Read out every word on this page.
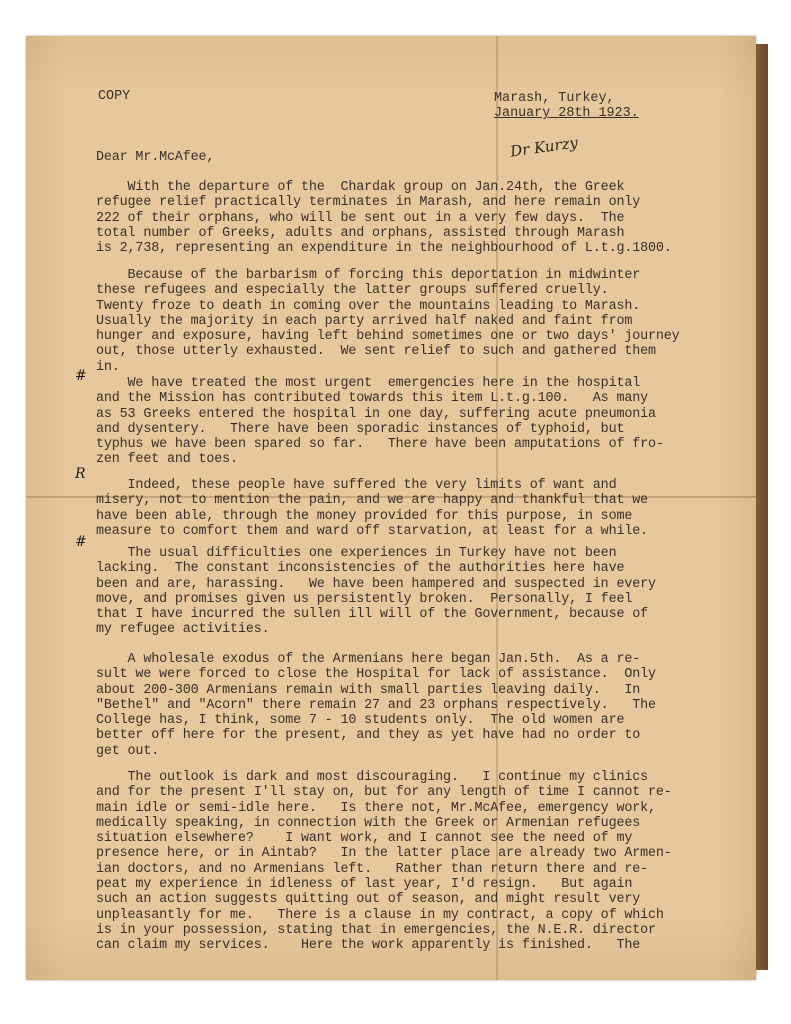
COPY	Marash, Turkey,
January 28th 1923.
Dr Kurzy
Dear Mr.McAfee,
With the departure of the  Chardak group on Jan.24th, the Greek
refugee relief practically terminates in Marash, and here remain only
222 of their orphans, who will be sent out in a very few days.  The
total number of Greeks, adults and orphans, assisted through Marash
is 2,738, representing an expenditure in the neighbourhood of L.t.g.1800.
Because of the barbarism of forcing this deportation in midwinter
these refugees and especially the latter groups suffered cruelly.
Twenty froze to death in coming over the mountains leading to Marash.
Usually the majority in each party arrived half naked and faint from
hunger and exposure, having left behind sometimes one or two days' journey
out, those utterly exhausted.  We sent relief to such and gathered them
in.
We have treated the most urgent  emergencies here in the hospital
and the Mission has contributed towards this item L.t.g.100.   As many
as 53 Greeks entered the hospital in one day, suffering acute pneumonia
and dysentery.   There have been sporadic instances of typhoid, but
typhus we have been spared so far.   There have been amputations of fro-
zen feet and toes.
Indeed, these people have suffered the very limits of want and
misery, not to mention the pain, and we are happy and thankful that we
have been able, through the money provided for this purpose, in some
measure to comfort them and ward off starvation, at least for a while.
The usual difficulties one experiences in Turkey have not been
lacking.  The constant inconsistencies of the authorities here have
been and are, harassing.   We have been hampered and suspected in every
move, and promises given us persistently broken.  Personally, I feel
that I have incurred the sullen ill will of the Government, because of
my refugee activities.
A wholesale exodus of the Armenians here began Jan.5th.  As a re-
sult we were forced to close the Hospital for lack of assistance.  Only
about 200-300 Armenians remain with small parties leaving daily.   In
"Bethel" and "Acorn" there remain 27 and 23 orphans respectively.   The
College has, I think, some 7 - 10 students only.  The old women are
better off here for the present, and they as yet have had no order to
get out.
The outlook is dark and most discouraging.   I continue my clinics
and for the present I'll stay on, but for any length of time I cannot re-
main idle or semi-idle here.   Is there not, Mr.McAfee, emergency work,
medically speaking, in connection with the Greek or Armenian refugees
situation elsewhere?    I want work, and I cannot see the need of my
presence here, or in Aintab?   In the latter place are already two Armen-
ian doctors, and no Armenians left.   Rather than return there and re-
peat my experience in idleness of last year, I'd resign.   But again
such an action suggests quitting out of season, and might result very
unpleasantly for me.   There is a clause in my contract, a copy of which
is in your possession, stating that in emergencies, the N.E.R. director
can claim my services.    Here the work apparently is finished.   The
#
R
#
